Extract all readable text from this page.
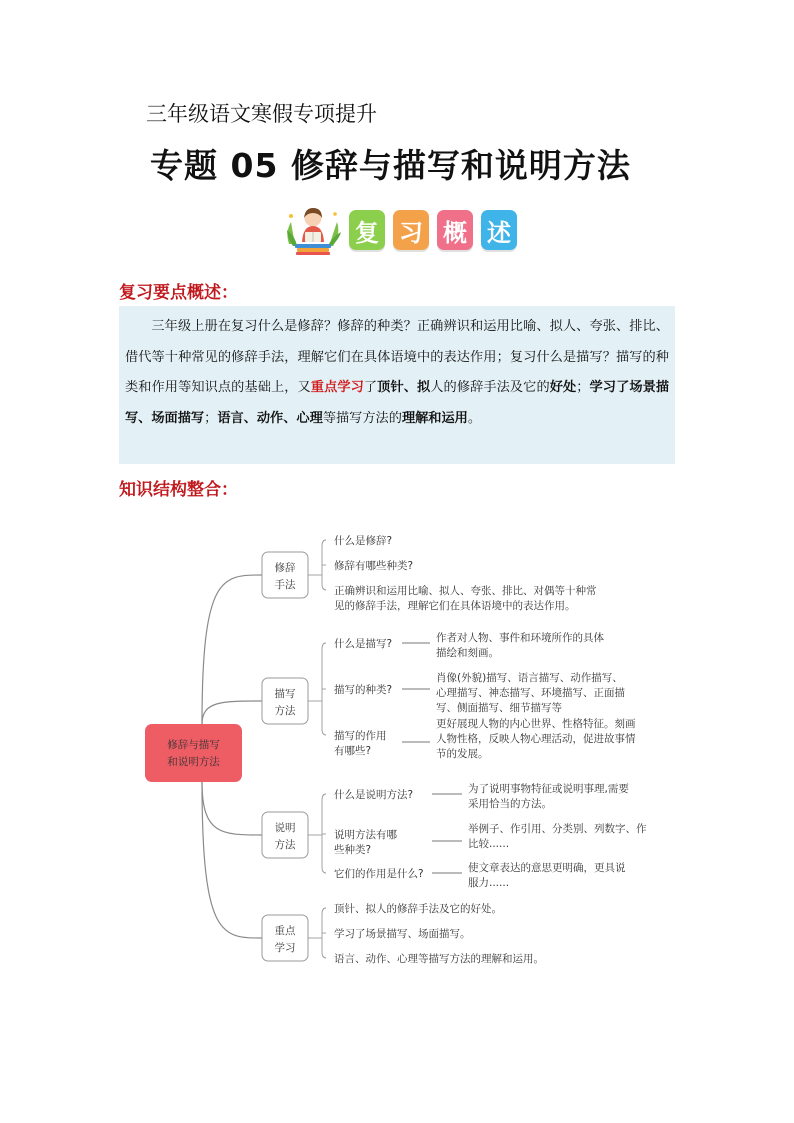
三年级语文寒假专项提升
专题 05 修辞与描写和说明方法
复 习 概 述
复习要点概述：

三年级上册在复习什么是修辞？修辞的种类？正确辨识和运用比喻、拟人、夸张、排比、借代等十种常见的修辞手法，理解它们在具体语境中的表达作用；复习什么是描写？描写的种类和作用等知识点的基础上，又重点学习了顶针、拟人的修辞手法及它的好处；学习了场景描写、场面描写；语言、动作、心理等描写方法的理解和运用。

知识结构整合：
修辞与描写
和说明方法
修辞
手法
什么是修辞?
修辞有哪些种类?
正确辨识和运用比喻、拟人、夸张、排比、对偶等十种常
见的修辞手法，理解它们在具体语境中的表达作用。
描写
方法
什么是描写?	作者对人物、事件和环境所作的具体
描绘和刻画。
描写的种类?
肖像(外貌)描写、语言描写、动作描写、
心理描写、神态描写、环境描写、正面描
写、侧面描写、细节描写等
描写的作用
有哪些?
更好展现人物的内心世界、性格特征。刻画
人物性格，反映人物心理活动，促进故事情
节的发展。
说明
方法
什么是说明方法?	为了说明事物特征或说明事理,需要
采用恰当的方法。
说明方法有哪
些种类?
举例子、作引用、分类别、列数字、作
比较......
它们的作用是什么?	使文章表达的意思更明确，更具说
服力......
重点
学习
顶针、拟人的修辞手法及它的好处。
学习了场景描写、场面描写。
语言、动作、心理等描写方法的理解和运用。
